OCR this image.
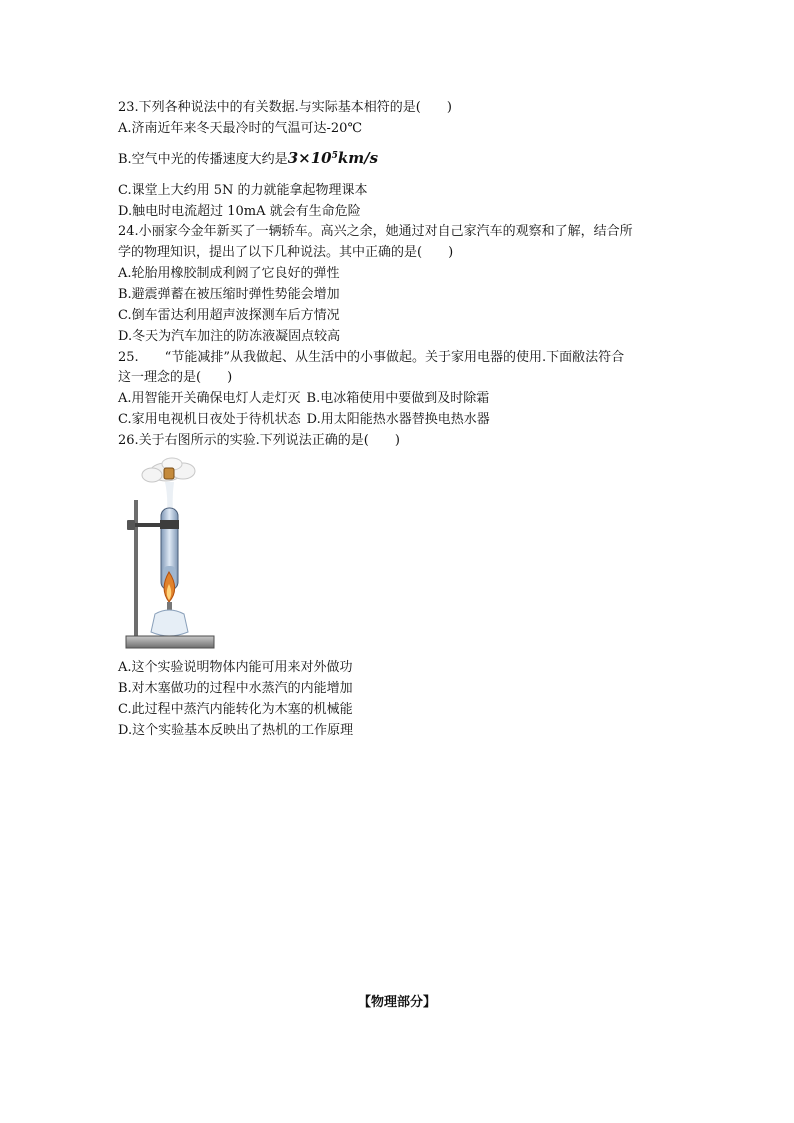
23.下列各种说法中的有关数据.与实际基本相符的是(　　)
A.济南近年来冬天最冷时的气温可达-20℃
B.空气中光的传播速度大约是$3\times 10^5km/s$
C.课堂上大约用 5N 的力就能拿起物理课本
D.触电时电流超过 10mA 就会有生命危险
24.小丽家今金年新买了一辆轿车。高兴之余，她通过对自己家汽车的观察和了解，结合所
学的物理知识，提出了以下几种说法。其中正确的是(　　)
A.轮胎用橡胶制成利阏了它良好的弹性
B.避震弹蓄在被压缩时弹性势能会增加
C.倒车雷达利用超声波探测车后方情况
D.冬天为汽车加注的防冻液凝固点较高
25.　　“节能减排”从我做起、从生活中的小事做起。关于家用电器的使用.下面敝法符合
这一理念的是(　　)
A.用智能开关确保电灯人走灯灭 B.电冰箱使用中要做到及时除霜
C.家用电视机日夜处于待机状态 D.用太阳能热水器替换电热水器
26.关于右图所示的实验.下列说法正确的是(　　)
A.这个实验说明物体内能可用来对外做功
B.对木塞做功的过程中水蒸汽的内能增加
C.此过程中蒸汽内能转化为木塞的机械能
D.这个实验基本反映出了热机的工作原理
【物理部分】
